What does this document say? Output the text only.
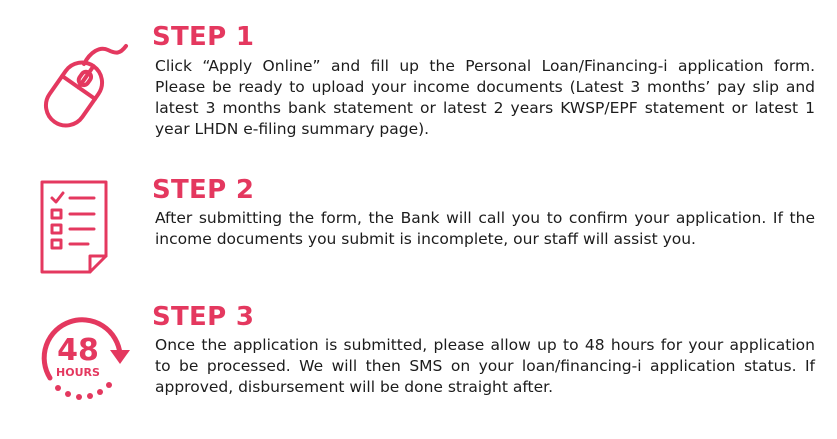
STEP 1

Click “Apply Online” and fill up the Personal Loan/Financing-i application form. Please be ready to upload your income documents (Latest 3 months’ pay slip and latest 3 months bank statement or latest 2 years KWSP/EPF statement or latest 1 year LHDN e-filing summary page).

STEP 2

After submitting the form, the Bank will call you to confirm your application. If the income documents you submit is incomplete, our staff will assist you.

48
HOURS
STEP 3

Once the application is submitted, please allow up to 48 hours for your application to be processed. We will then SMS on your loan/financing-i application status. If approved, disbursement will be done straight after.
